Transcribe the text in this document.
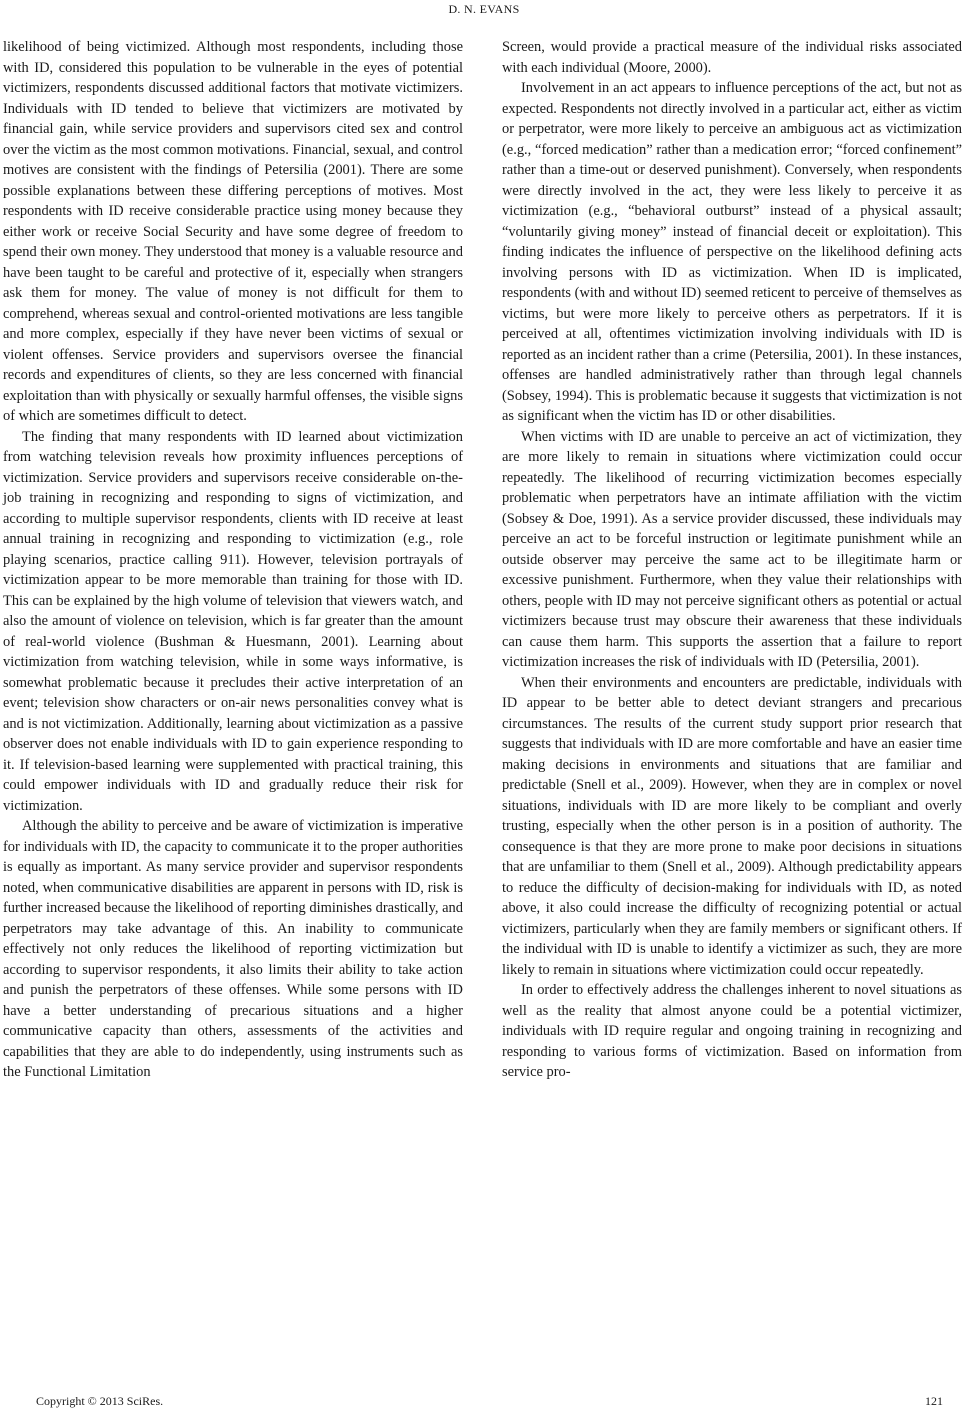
D. N. EVANS

likelihood of being victimized. Although most respondents, including those with ID, considered this population to be vulnerable in the eyes of potential victimizers, respondents discussed additional factors that motivate victimizers. Individuals with ID tended to believe that victimizers are motivated by financial gain, while service providers and supervisors cited sex and control over the victim as the most common motivations. Financial, sexual, and control motives are consistent with the findings of Petersilia (2001). There are some possible explanations between these differing perceptions of motives. Most respondents with ID receive considerable practice using money because they either work or receive Social Security and have some degree of freedom to spend their own money. They understood that money is a valuable resource and have been taught to be careful and protective of it, especially when strangers ask them for money. The value of money is not difficult for them to comprehend, whereas sexual and control-oriented motivations are less tangible and more complex, especially if they have never been victims of sexual or violent offenses. Service providers and supervisors oversee the financial records and expenditures of clients, so they are less concerned with financial exploitation than with physically or sexually harmful offenses, the visible signs of which are sometimes difficult to detect.

The finding that many respondents with ID learned about victimization from watching television reveals how proximity influences perceptions of victimization. Service providers and supervisors receive considerable on-the-job training in recognizing and responding to signs of victimization, and according to multiple supervisor respondents, clients with ID receive at least annual training in recognizing and responding to victimization (e.g., role playing scenarios, practice calling 911). However, television portrayals of victimization appear to be more memorable than training for those with ID. This can be explained by the high volume of television that viewers watch, and also the amount of violence on television, which is far greater than the amount of real-world violence (Bushman & Huesmann, 2001). Learning about victimization from watching television, while in some ways informative, is somewhat problematic because it precludes their active interpretation of an event; television show characters or on-air news personalities convey what is and is not victimization. Additionally, learning about victimization as a passive observer does not enable individuals with ID to gain experience responding to it. If television-based learning were supplemented with practical training, this could empower individuals with ID and gradually reduce their risk for victimization.

Although the ability to perceive and be aware of victimization is imperative for individuals with ID, the capacity to communicate it to the proper authorities is equally as important. As many service provider and supervisor respondents noted, when communicative disabilities are apparent in persons with ID, risk is further increased because the likelihood of reporting diminishes drastically, and perpetrators may take advantage of this. An inability to communicate effectively not only reduces the likelihood of reporting victimization but according to supervisor respondents, it also limits their ability to take action and punish the perpetrators of these offenses. While some persons with ID have a better understanding of precarious situations and a higher communicative capacity than others, assessments of the activities and capabilities that they are able to do independently, using instruments such as the Functional Limitation

Screen, would provide a practical measure of the individual risks associated with each individual (Moore, 2000).

Involvement in an act appears to influence perceptions of the act, but not as expected. Respondents not directly involved in a particular act, either as victim or perpetrator, were more likely to perceive an ambiguous act as victimization (e.g., “forced medication” rather than a medication error; “forced confinement” rather than a time-out or deserved punishment). Conversely, when respondents were directly involved in the act, they were less likely to perceive it as victimization (e.g., “behavioral outburst” instead of a physical assault; “voluntarily giving money” instead of financial deceit or exploitation). This finding indicates the influence of perspective on the likelihood defining acts involving persons with ID as victimization. When ID is implicated, respondents (with and without ID) seemed reticent to perceive of themselves as victims, but were more likely to perceive others as perpetrators. If it is perceived at all, oftentimes victimization involving individuals with ID is reported as an incident rather than a crime (Petersilia, 2001). In these instances, offenses are handled administratively rather than through legal channels (Sobsey, 1994). This is problematic because it suggests that victimization is not as significant when the victim has ID or other disabilities.

When victims with ID are unable to perceive an act of victimization, they are more likely to remain in situations where victimization could occur repeatedly. The likelihood of recurring victimization becomes especially problematic when perpetrators have an intimate affiliation with the victim (Sobsey & Doe, 1991). As a service provider discussed, these individuals may perceive an act to be forceful instruction or legitimate punishment while an outside observer may perceive the same act to be illegitimate harm or excessive punishment. Furthermore, when they value their relationships with others, people with ID may not perceive significant others as potential or actual victimizers because trust may obscure their awareness that these individuals can cause them harm. This supports the assertion that a failure to report victimization increases the risk of individuals with ID (Petersilia, 2001).

When their environments and encounters are predictable, individuals with ID appear to be better able to detect deviant strangers and precarious circumstances. The results of the current study support prior research that suggests that individuals with ID are more comfortable and have an easier time making decisions in environments and situations that are familiar and predictable (Snell et al., 2009). However, when they are in complex or novel situations, individuals with ID are more likely to be compliant and overly trusting, especially when the other person is in a position of authority. The consequence is that they are more prone to make poor decisions in situations that are unfamiliar to them (Snell et al., 2009). Although predictability appears to reduce the difficulty of decision-making for individuals with ID, as noted above, it also could increase the difficulty of recognizing potential or actual victimizers, particularly when they are family members or significant others. If the individual with ID is unable to identify a victimizer as such, they are more likely to remain in situations where victimization could occur repeatedly.

In order to effectively address the challenges inherent to novel situations as well as the reality that almost anyone could be a potential victimizer, individuals with ID require regular and ongoing training in recognizing and responding to various forms of victimization. Based on information from service pro-

Copyright © 2013 SciRes.	121
